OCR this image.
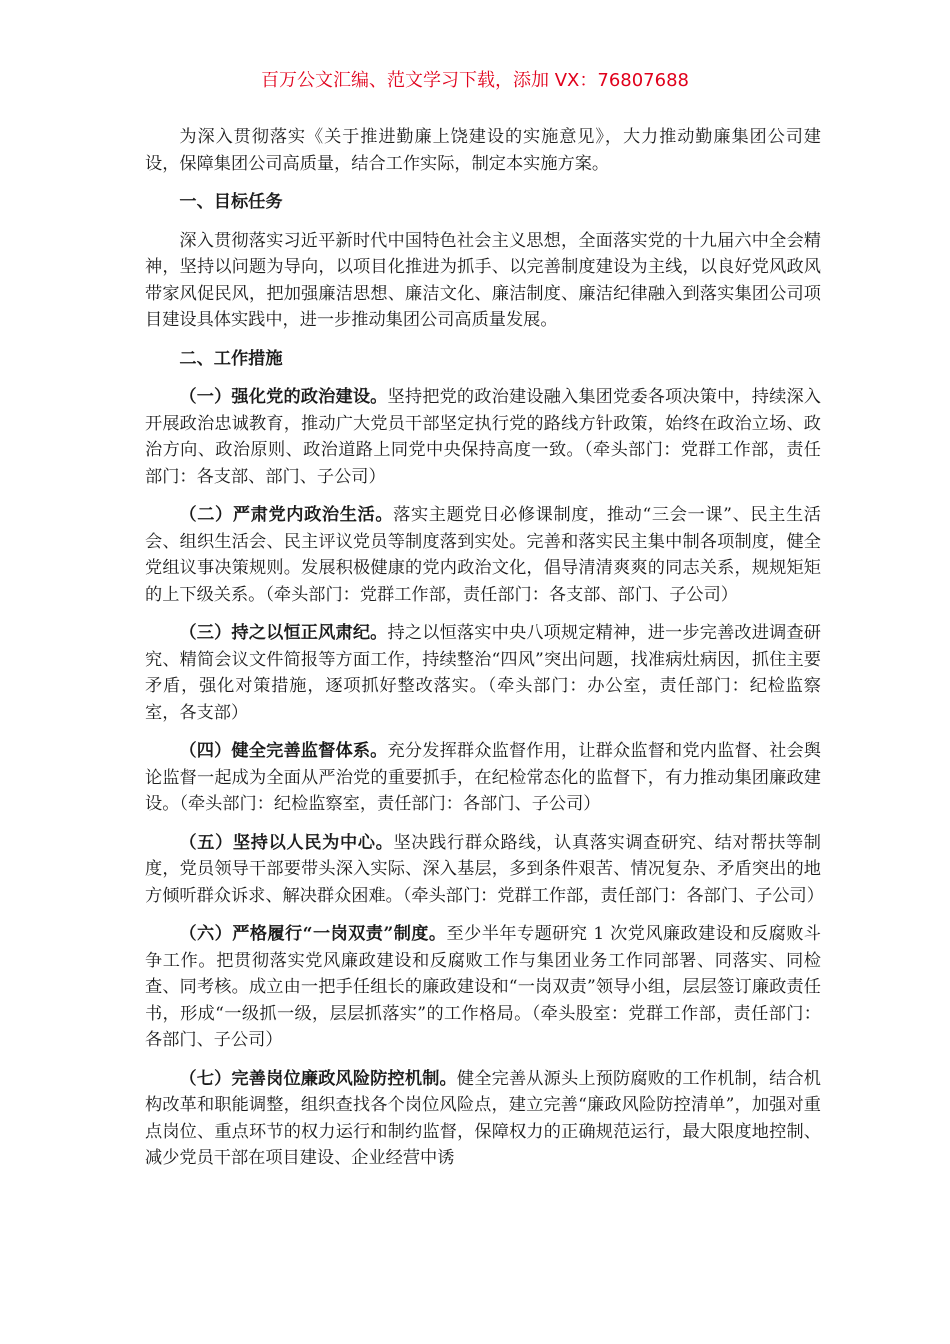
百万公文汇编、范文学习下载，添加 VX：76807688

为深入贯彻落实《关于推进勤廉上饶建设的实施意见》，大力推动勤廉集团公司建设，保障集团公司高质量，结合工作实际，制定本实施方案。

一、目标任务

深入贯彻落实习近平新时代中国特色社会主义思想，全面落实党的十九届六中全会精神，坚持以问题为导向，以项目化推进为抓手、以完善制度建设为主线，以良好党风政风带家风促民风，把加强廉洁思想、廉洁文化、廉洁制度、廉洁纪律融入到落实集团公司项目建设具体实践中，进一步推动集团公司高质量发展。

二、工作措施

（一）强化党的政治建设。坚持把党的政治建设融入集团党委各项决策中，持续深入开展政治忠诚教育，推动广大党员干部坚定执行党的路线方针政策，始终在政治立场、政治方向、政治原则、政治道路上同党中央保持高度一致。（牵头部门：党群工作部，责任部门：各支部、部门、子公司）

（二）严肃党内政治生活。落实主题党日必修课制度，推动“三会一课”、民主生活会、组织生活会、民主评议党员等制度落到实处。完善和落实民主集中制各项制度，健全党组议事决策规则。发展积极健康的党内政治文化，倡导清清爽爽的同志关系，规规矩矩的上下级关系。（牵头部门：党群工作部，责任部门：各支部、部门、子公司）

（三）持之以恒正风肃纪。持之以恒落实中央八项规定精神，进一步完善改进调查研究、精简会议文件简报等方面工作，持续整治“四风”突出问题，找准病灶病因，抓住主要矛盾，强化对策措施，逐项抓好整改落实。（牵头部门：办公室，责任部门：纪检监察室，各支部）

（四）健全完善监督体系。充分发挥群众监督作用，让群众监督和党内监督、社会舆论监督一起成为全面从严治党的重要抓手，在纪检常态化的监督下，有力推动集团廉政建设。（牵头部门：纪检监察室，责任部门：各部门、子公司）

（五）坚持以人民为中心。坚决践行群众路线，认真落实调查研究、结对帮扶等制度，党员领导干部要带头深入实际、深入基层，多到条件艰苦、情况复杂、矛盾突出的地方倾听群众诉求、解决群众困难。（牵头部门：党群工作部，责任部门：各部门、子公司）

（六）严格履行“一岗双责”制度。至少半年专题研究 1 次党风廉政建设和反腐败斗争工作。把贯彻落实党风廉政建设和反腐败工作与集团业务工作同部署、同落实、同检查、同考核。成立由一把手任组长的廉政建设和“一岗双责”领导小组，层层签订廉政责任书，形成“一级抓一级，层层抓落实”的工作格局。（牵头股室：党群工作部，责任部门：各部门、子公司）

（七）完善岗位廉政风险防控机制。健全完善从源头上预防腐败的工作机制，结合机构改革和职能调整，组织查找各个岗位风险点，建立完善“廉政风险防控清单”，加强对重点岗位、重点环节的权力运行和制约监督，保障权力的正确规范运行，最大限度地控制、减少党员干部在项目建设、企业经营中诱
